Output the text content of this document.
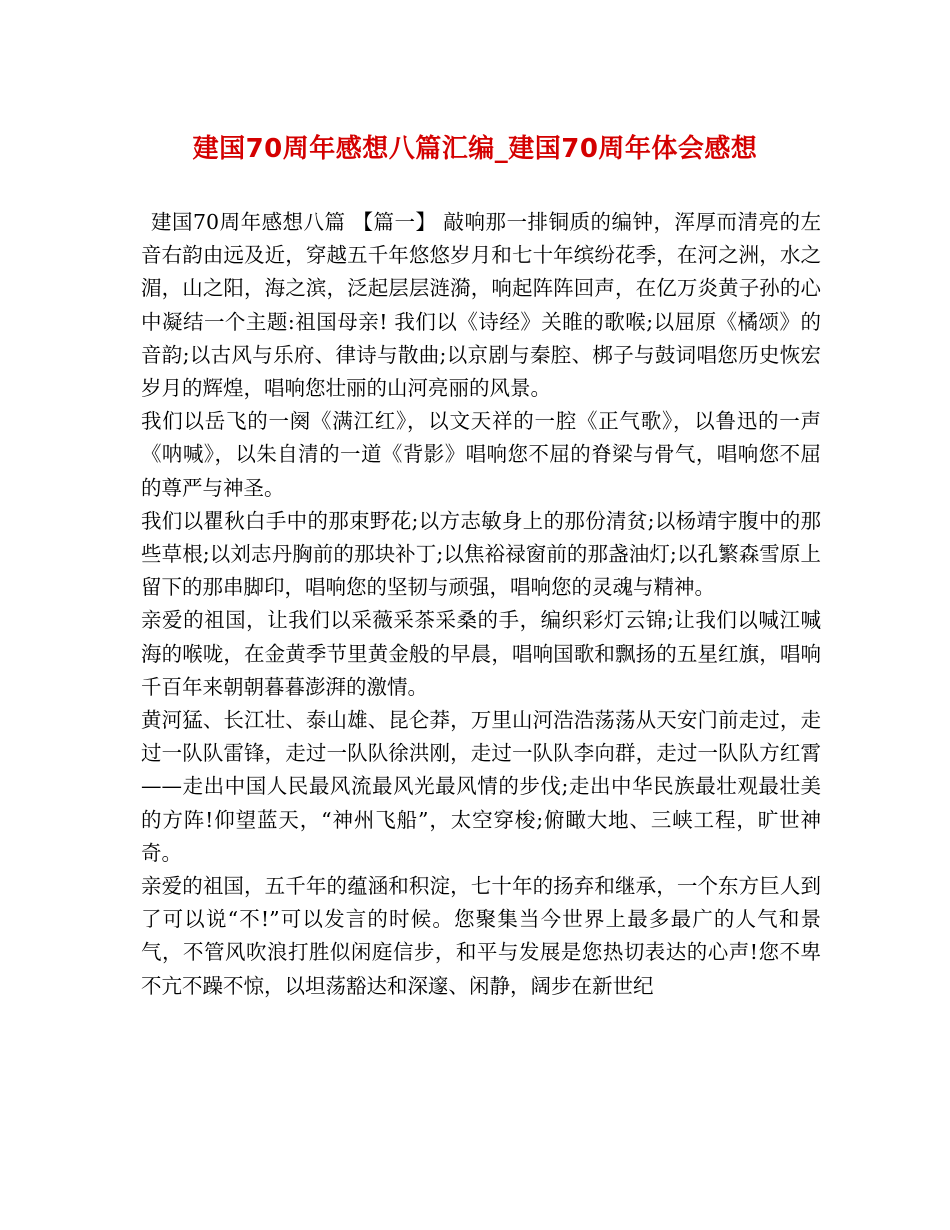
建国70周年感想八篇汇编_建国70周年体会感想

建国70周年感想八篇 【篇一】 敲响那一排铜质的编钟，浑厚而清亮的左音右韵由远及近，穿越五千年悠悠岁月和七十年缤纷花季，在河之洲，水之湄，山之阳，海之滨，泛起层层涟漪，响起阵阵回声，在亿万炎黄子孙的心中凝结一个主题:祖国母亲! 我们以《诗经》关睢的歌喉;以屈原《橘颂》的音韵;以古风与乐府、律诗与散曲;以京剧与秦腔、梆子与鼓词唱您历史恢宏岁月的辉煌，唱响您壮丽的山河亮丽的风景。

我们以岳飞的一阕《满江红》，以文天祥的一腔《正气歌》，以鲁迅的一声《呐喊》，以朱自清的一道《背影》唱响您不屈的脊梁与骨气，唱响您不屈的尊严与神圣。

我们以瞿秋白手中的那束野花;以方志敏身上的那份清贫;以杨靖宇腹中的那些草根;以刘志丹胸前的那块补丁;以焦裕禄窗前的那盏油灯;以孔繁森雪原上留下的那串脚印，唱响您的坚韧与顽强，唱响您的灵魂与精神。

亲爱的祖国，让我们以采薇采茶采桑的手，编织彩灯云锦;让我们以喊江喊海的喉咙，在金黄季节里黄金般的早晨，唱响国歌和飘扬的五星红旗，唱响千百年来朝朝暮暮澎湃的激情。

黄河猛、长江壮、泰山雄、昆仑莽，万里山河浩浩荡荡从天安门前走过，走过一队队雷锋，走过一队队徐洪刚，走过一队队李向群，走过一队队方红霄——走出中国人民最风流最风光最风情的步伐;走出中华民族最壮观最壮美的方阵!仰望蓝天，“神州飞船”，太空穿梭;俯瞰大地、三峡工程，旷世神奇。

亲爱的祖国，五千年的蕴涵和积淀，七十年的扬弃和继承，一个东方巨人到了可以说“不!”可以发言的时候。您聚集当今世界上最多最广的人气和景气，不管风吹浪打胜似闲庭信步，和平与发展是您热切表达的心声!您不卑不亢不躁不惊，以坦荡豁达和深邃、闲静，阔步在新世纪
